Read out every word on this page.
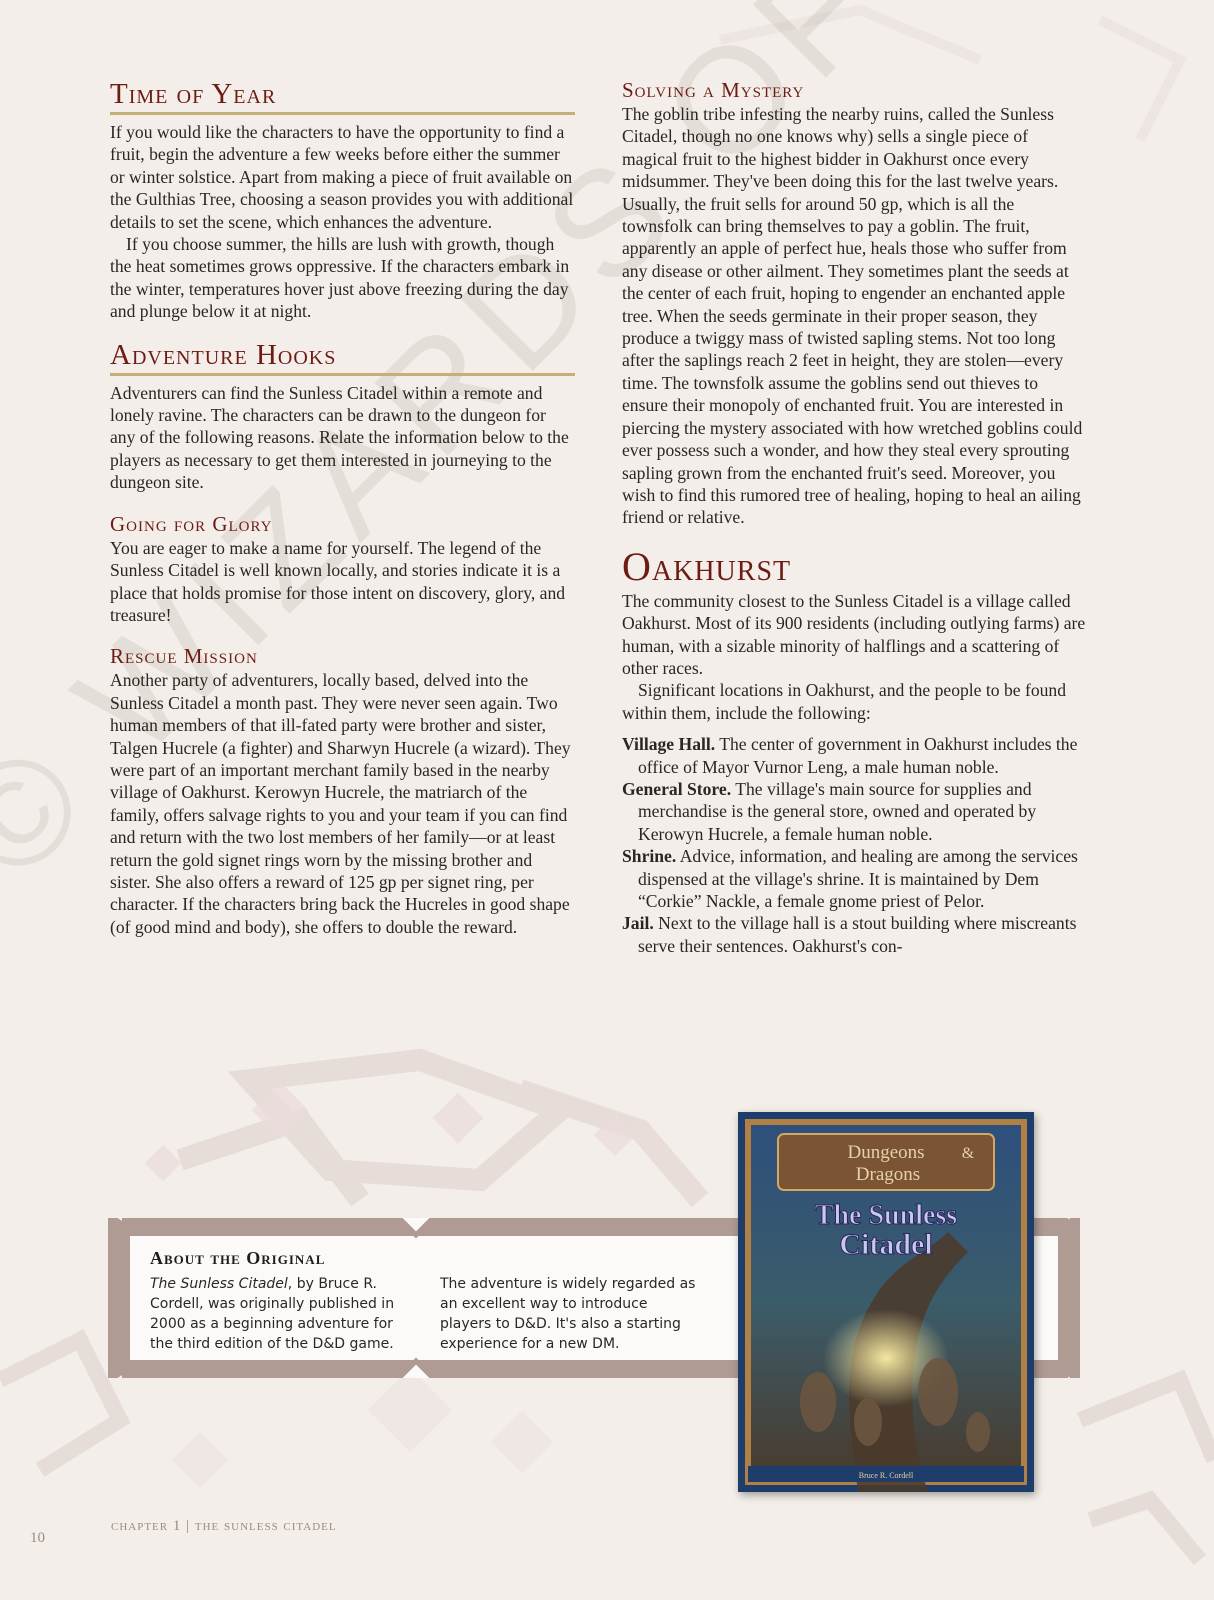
Time of Year

If you would like the characters to have the opportunity to find a fruit, begin the adventure a few weeks before either the summer or winter solstice. Apart from making a piece of fruit available on the Gulthias Tree, choosing a season provides you with additional details to set the scene, which enhances the adventure.

If you choose summer, the hills are lush with growth, though the heat sometimes grows oppressive. If the characters embark in the winter, temperatures hover just above freezing during the day and plunge below it at night.

Adventure Hooks

Adventurers can find the Sunless Citadel within a remote and lonely ravine. The characters can be drawn to the dungeon for any of the following reasons. Relate the information below to the players as necessary to get them interested in journeying to the dungeon site.

Going for Glory

You are eager to make a name for yourself. The legend of the Sunless Citadel is well known locally, and stories indicate it is a place that holds promise for those intent on discovery, glory, and treasure!

Rescue Mission

Another party of adventurers, locally based, delved into the Sunless Citadel a month past. They were never seen again. Two human members of that ill-fated party were brother and sister, Talgen Hucrele (a fighter) and Sharwyn Hucrele (a wizard). They were part of an important merchant family based in the nearby village of Oakhurst. Kerowyn Hucrele, the matriarch of the family, offers salvage rights to you and your team if you can find and return with the two lost members of her family—or at least return the gold signet rings worn by the missing brother and sister. She also offers a reward of 125 gp per signet ring, per character. If the characters bring back the Hucreles in good shape (of good mind and body), she offers to double the reward.

Solving a Mystery

The goblin tribe infesting the nearby ruins, called the Sunless Citadel, though no one knows why) sells a single piece of magical fruit to the highest bidder in Oakhurst once every midsummer. They've been doing this for the last twelve years. Usually, the fruit sells for around 50 gp, which is all the townsfolk can bring themselves to pay a goblin. The fruit, apparently an apple of perfect hue, heals those who suffer from any disease or other ailment. They sometimes plant the seeds at the center of each fruit, hoping to engender an enchanted apple tree. When the seeds germinate in their proper season, they produce a twiggy mass of twisted sapling stems. Not too long after the saplings reach 2 feet in height, they are stolen—every time. The townsfolk assume the goblins send out thieves to ensure their monopoly of enchanted fruit. You are interested in piercing the mystery associated with how wretched goblins could ever possess such a wonder, and how they steal every sprouting sapling grown from the enchanted fruit's seed. Moreover, you wish to find this rumored tree of healing, hoping to heal an ailing friend or relative.

Oakhurst

The community closest to the Sunless Citadel is a village called Oakhurst. Most of its 900 residents (including outlying farms) are human, with a sizable minority of halflings and a scattering of other races.

Significant locations in Oakhurst, and the people to be found within them, include the following:

Village Hall. The center of government in Oakhurst includes the office of Mayor Vurnor Leng, a male human noble.

General Store. The village's main source for supplies and merchandise is the general store, owned and operated by Kerowyn Hucrele, a female human noble.

Shrine. Advice, information, and healing are among the services dispensed at the village's shrine. It is maintained by Dem “Corkie” Nackle, a female gnome priest of Pelor.

Jail. Next to the village hall is a stout building where miscreants serve their sentences. Oakhurst's con-

About the Original
The Sunless Citadel, by Bruce R. Cordell, was originally published in 2000 as a beginning adventure for the third edition of the D&D game.
The adventure is widely regarded as an excellent way to introduce players to D&D. It's also a starting experience for a new DM.
Dungeons &
Dragons
The Sunless
Citadel
Bruce R. Cordell
10
chapter 1 | the sunless citadel
